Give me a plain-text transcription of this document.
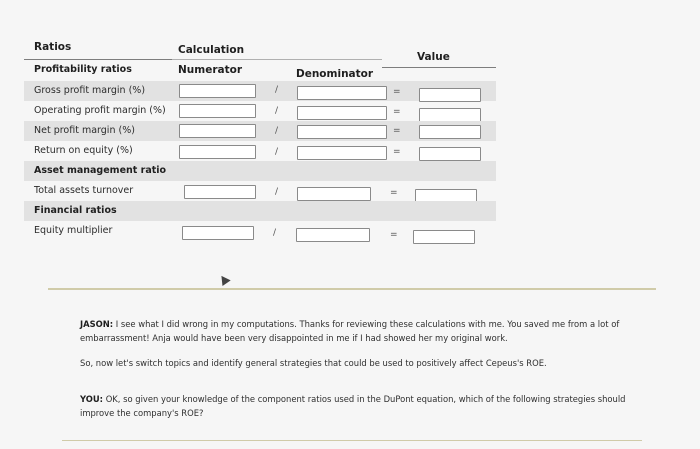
Ratios	Calculation
Value
Profitability ratios	Numerator	Denominator
Gross profit margin (%)	/	=
Operating profit margin (%)	/	=
Net profit margin (%)	/	=
Return on equity (%)	/	=
Asset management ratio
Total assets turnover	/	=
Financial ratios
Equity multiplier	/	=
JASON: I see what I did wrong in my computations. Thanks for reviewing these calculations with me. You saved me from a lot of embarrassment! Anja would have been very disappointed in me if I had showed her my original work.
So, now let's switch topics and identify general strategies that could be used to positively affect Cepeus's ROE.
YOU: OK, so given your knowledge of the component ratios used in the DuPont equation, which of the following strategies should improve the company's ROE?
